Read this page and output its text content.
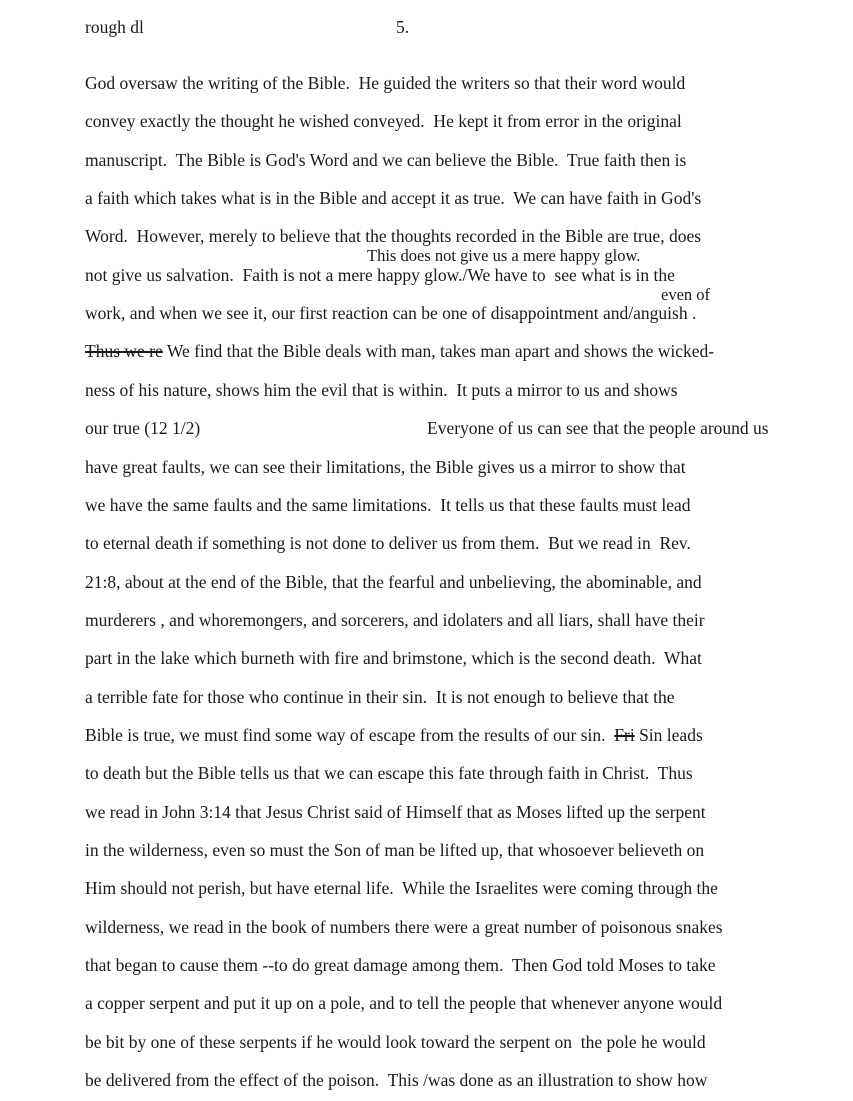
rough dl	5.
This does not give us a mere happy glow.
even of
God oversaw the writing of the Bible.  He guided the writers so that their word would
convey exactly the thought he wished conveyed.  He kept it from error in the original
manuscript.  The Bible is God's Word and we can believe the Bible.  True faith then is
a faith which takes what is in the Bible and accept it as true.  We can have faith in God's
Word.  However, merely to believe that the thoughts recorded in the Bible are true, does
not give us salvation.  Faith is not a mere happy glow./We have to  see what is in the
work, and when we see it, our first reaction can be one of disappointment and/anguish .
Thus we re We find that the Bible deals with man, takes man apart and shows the wicked-
ness of his nature, shows him the evil that is within.  It puts a mirror to us and shows
our true (12 1/2)	Everyone of us can see that the people around us
have great faults, we can see their limitations, the Bible gives us a mirror to show that
we have the same faults and the same limitations.  It tells us that these faults must lead
to eternal death if something is not done to deliver us from them.  But we read in  Rev.
21:8, about at the end of the Bible, that the fearful and unbelieving, the abominable, and
murderers , and whoremongers, and sorcerers, and idolaters and all liars, shall have their
part in the lake which burneth with fire and brimstone, which is the second death.  What
a terrible fate for those who continue in their sin.  It is not enough to believe that the
Bible is true, we must find some way of escape from the results of our sin.  Fri Sin leads
to death but the Bible tells us that we can escape this fate through faith in Christ.  Thus
we read in John 3:14 that Jesus Christ said of Himself that as Moses lifted up the serpent
in the wilderness, even so must the Son of man be lifted up, that whosoever believeth on
Him should not perish, but have eternal life.  While the Israelites were coming through the
wilderness, we read in the book of numbers there were a great number of poisonous snakes
that began to cause them --to do great damage among them.  Then God told Moses to take
a copper serpent and put it up on a pole, and to tell the people that whenever anyone would
be bit by one of these serpents if he would look toward the serpent on  the pole he would
be delivered from the effect of the poison.  This /was done as an illustration to show how
